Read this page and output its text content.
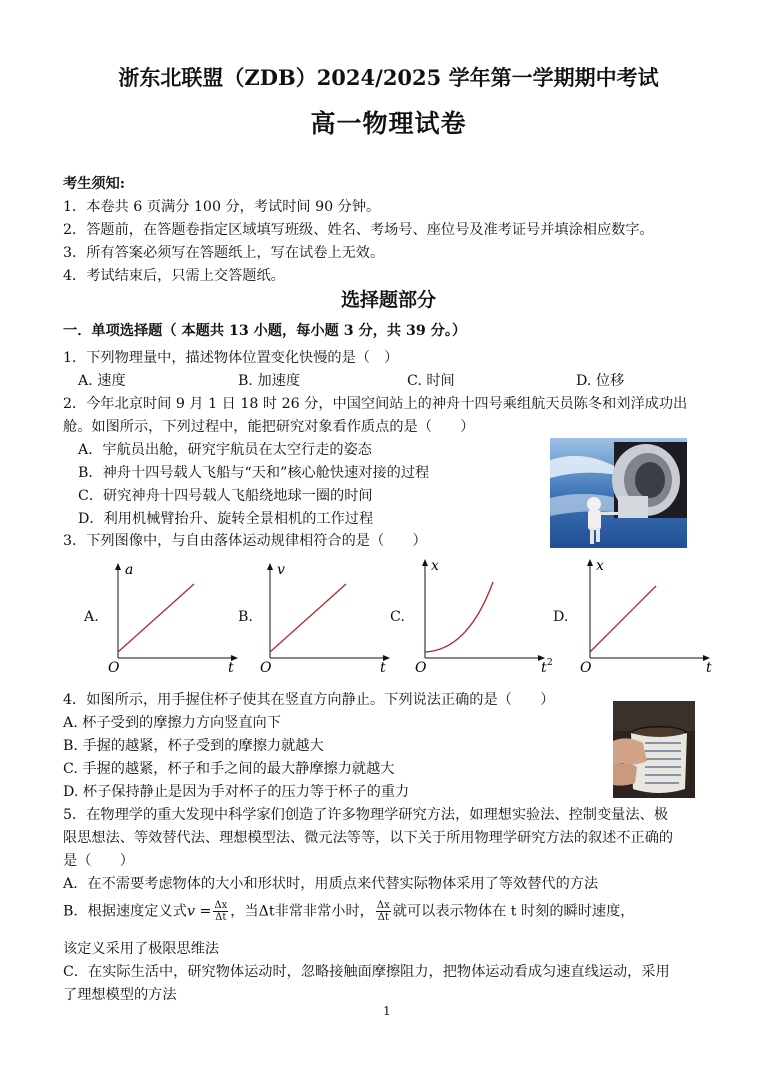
浙东北联盟（ZDB）2024/2025 学年第一学期期中考试
高一物理试卷
考生须知:
1．本卷共 6 页满分 100 分，考试时间 90 分钟。
2．答题前，在答题卷指定区域填写班级、姓名、考场号、座位号及准考证号并填涂相应数字。
3．所有答案必须写在答题纸上，写在试卷上无效。
4．考试结束后，只需上交答题纸。
选择题部分
一．单项选择题（ 本题共 13 小题，每小题 3 分，共 39 分。）
1．下列物理量中，描述物体位置变化快慢的是（　）
A. 速度	B. 加速度	C. 时间	D. 位移
2．今年北京时间 9 月 1 日 18 时 26 分，中国空间站上的神舟十四号乘组航天员陈冬和刘洋成功出
舱。如图所示，下列过程中，能把研究对象看作质点的是（　　）
A．宇航员出舱，研究宇航员在太空行走的姿态
B．神舟十四号载人飞船与“天和”核心舱快速对接的过程
C．研究神舟十四号载人飞船绕地球一圈的时间
D．利用机械臂抬升、旋转全景相机的工作过程
3．下列图像中，与自由落体运动规律相符合的是（　　）
A.	B.	C.	D.
a
t
O
v
t
O
x
t 2
O
x
t
O
4．如图所示，用手握住杯子使其在竖直方向静止。下列说法正确的是（　　）
A. 杯子受到的摩擦力方向竖直向下
B. 手握的越紧，杯子受到的摩擦力就越大
C. 手握的越紧，杯子和手之间的最大静摩擦力就越大
D. 杯子保持静止是因为手对杯子的压力等于杯子的重力
5．在物理学的重大发现中科学家们创造了许多物理学研究方法，如理想实验法、控制变量法、极
限思想法、等效替代法、理想模型法、微元法等等，以下关于所用物理学研究方法的叙述不正确的
是（　　）
A．在不需要考虑物体的大小和形状时，用质点来代替实际物体采用了等效替代的方法
B．根据速度定义式$v = \frac{\Delta x}{\Delta t}$ ，当Δt非常非常小时， $\frac{\Delta x}{\Delta t}$ 就可以表示物体在 t 时刻的瞬时速度，
该定义采用了极限思维法
C．在实际生活中，研究物体运动时，忽略接触面摩擦阻力，把物体运动看成匀速直线运动，采用
了理想模型的方法
1
